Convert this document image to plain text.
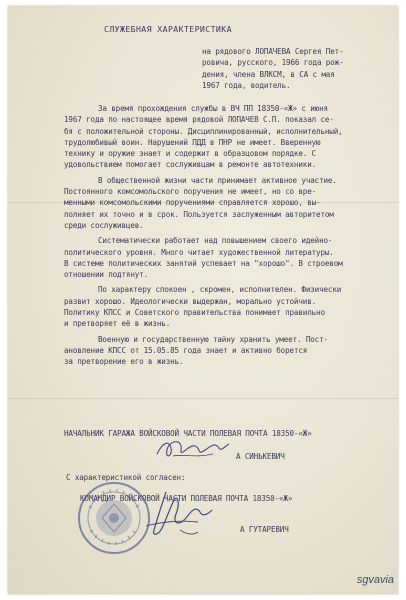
СЛУЖЕБНАЯ ХАРАКТЕРИСТИКА
на рядового ЛОПАЧЕВА Сергея Пет-
ровича, русского, 1966 года рож-
дения, члена ВЛКСМ, в СА с мая
1967 года, водитель.
За время прохождения службы в ВЧ ПП 18350-«Ж» с июня
1967 года по настоящее время рядовой ЛОПАЧЕВ С.П. показал се-
бя с положительной стороны. Дисциплинированный, исполнительный,
трудолюбивый воин. Нарушений ПДД в ПНР не имеет. Вверенную
технику и оружие знает и содержит в образцовом порядке. С
удовольствием помогает сослуживцам в ремонте автотехники.
В общественной жизни части принимает активное участие.
Постоянного комсомольского поручения не имеет, но со вре-
менными комсомольскими поручениями справляется хорошо, вы-
полняет их точно и в срок. Пользуется заслуженным авторитетом
среди сослуживцев.
Систематически работает над повышением своего идейно-
политического уровня. Много читает художественной литературы.
В системе политических занятий успевает на "хорошо". В строевом
отношении подтянут.
По характеру спокоен , скромен, исполнителен. Физически
развит хорошо. Идеологически выдержан, морально устойчив.
Политику КПСС и Советского правительства понимает правильно
и претворяет её в жизнь.
Военную и государственную тайну хранить умеет. Пост-
ановление КПСС от 15.05.85 года знает и активно борется
за претворение его в жизнь.
НАЧАЛЬНИК ГАРАЖА ВОЙСКОВОЙ ЧАСТИ ПОЛЕВАЯ ПОЧТА 18350-«Ж»
А СИНЬКЕВИЧ
С характеристикой согласен:
КОМАНДИР ВОЙСКОВОЙ ЧАСТИ ПОЛЕВАЯ ПОЧТА 18350-«Ж»
А ГУТАРЕВИЧ
sgvavia
